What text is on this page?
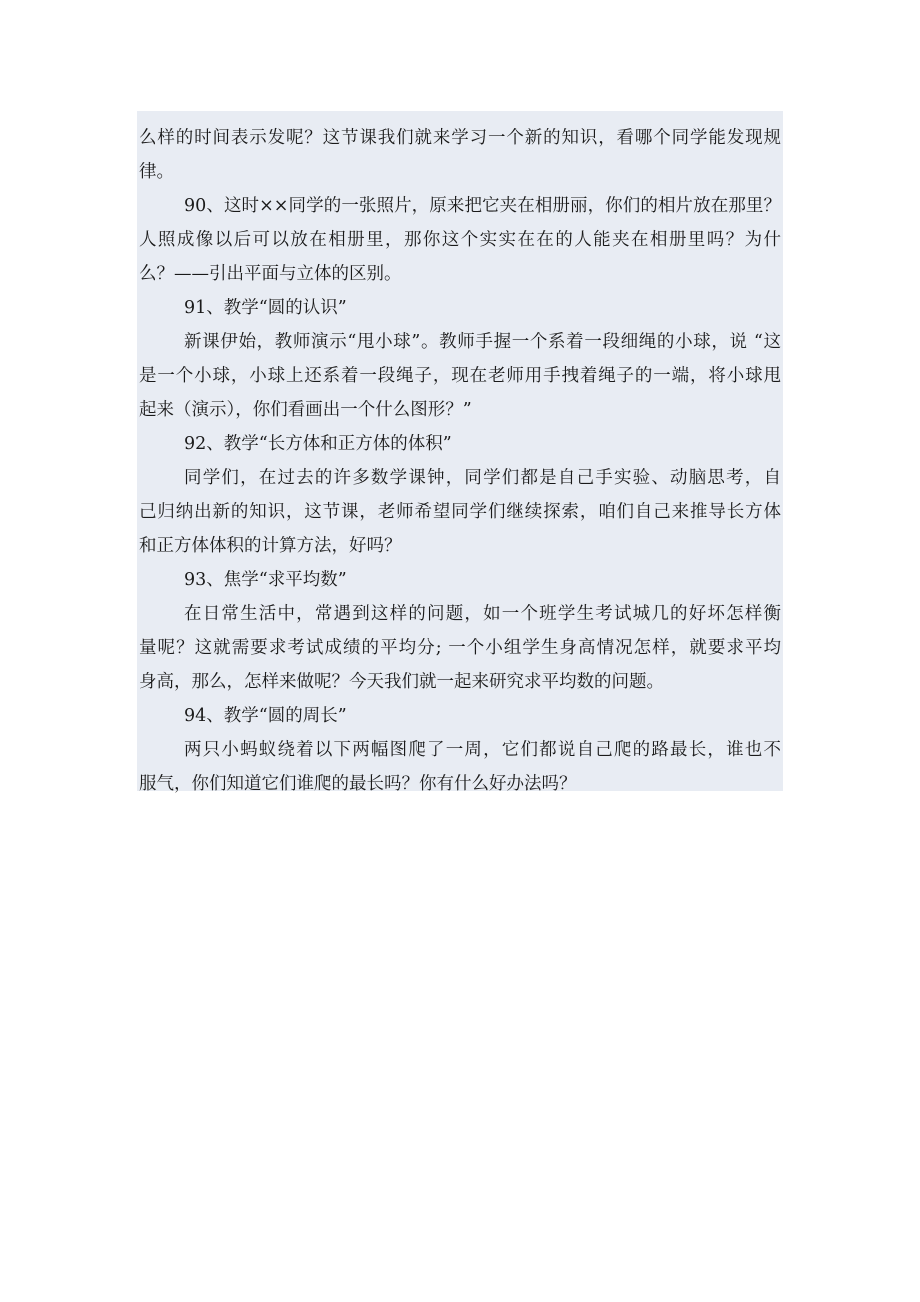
么样的时间表示发呢？这节课我们就来学习一个新的知识，看哪个同学能发现规
律。
90、这时××同学的一张照片，原来把它夹在相册丽，你们的相片放在那里？
人照成像以后可以放在相册里，那你这个实实在在的人能夹在相册里吗？为什
么？——引出平面与立体的区别。
91、教学“圆的认识”
新课伊始，教师演示“甩小球”。教师手握一个系着一段细绳的小球，说 “这
是一个小球，小球上还系着一段绳子，现在老师用手拽着绳子的一端，将小球甩
起来（演示），你们看画出一个什么图形？”
92、教学“长方体和正方体的体积”
同学们，在过去的许多数学课钟，同学们都是自己手实验、动脑思考，自
己归纳出新的知识，这节课，老师希望同学们继续探索，咱们自己来推导长方体
和正方体体积的计算方法，好吗？
93、焦学“求平均数”
在日常生活中，常遇到这样的问题，如一个班学生考试城几的好坏怎样衡
量呢？这就需要求考试成绩的平均分; 一个小组学生身高情况怎样，就要求平均
身高，那么，怎样来做呢？今天我们就一起来研究求平均数的问题。
94、教学“圆的周长”
两只小蚂蚁绕着以下两幅图爬了一周，它们都说自己爬的路最长，谁也不
服气，你们知道它们谁爬的最长吗？你有什么好办法吗？
